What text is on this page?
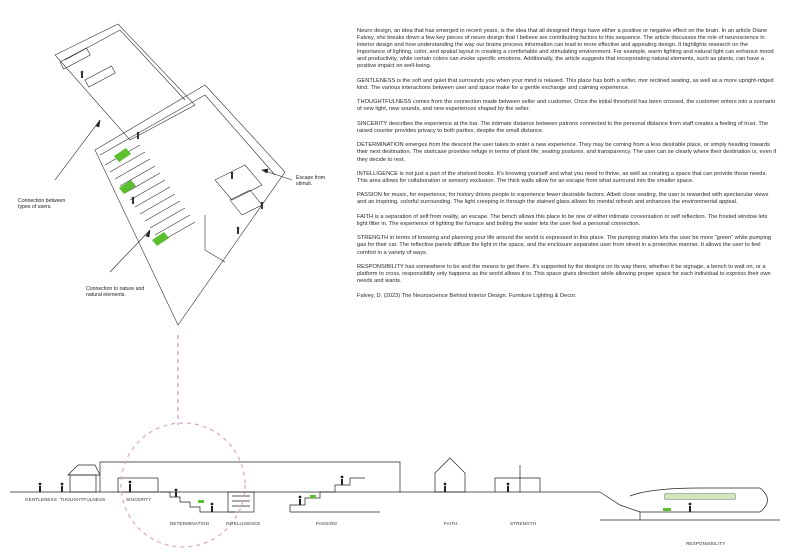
Connection between types of users.
Connection to nature and natural elements.
Escape from stimuli.

Neuro design, an idea that has emerged in recent years, is the idea that all designed things have either a positive or negative effect on the brain. In an article Diane Falvey, she breaks down a few key pieces of neuro design that I believe are contributing factors to this sequence. The article discusses the role of neuroscience in interior design and how understanding the way our brains process information can lead to more effective and appealing design. It highlights research on the importance of lighting, color, and spatial layout in creating a comfortable and stimulating environment. For example, warm lighting and natural light can enhance mood and productivity, while certain colors can evoke specific emotions. Additionally, the article suggests that incorporating natural elements, such as plants, can have a positive impact on well-being.

GENTLENESS is the soft and quiet that surrounds you when your mind is relaxed. This place has both a softer, mor reclined seating, as well as a more upright-ridged kind. The various interactions between user and space make for a gentle exchange and calming experience.

THOUGHTFULNESS comes from the connection made between seller and customer. Once the initial threshold has been crossed, the customer enters into a scenario of new light, new sounds, and new experiences shaped by the seller.

SINCERITY describes the experience at the bar. The intimate distance between patrons connected to the personal distance from staff creates a feeling of trust. The raised counter provides privacy to both parties, despite the small distance.

DETERMINATION emerges from the descent the user takes to enter a new experience. They may be coming from a less desirable place, or simply heading towards their next destination. The staircase provides refuge in terms of plant life, seating postures, and transparency. The user can se clearly where their destination is, even if they decide to rest.

INTELLIGENCE is not just a part of the shelved books. It's knowing yourself and what you need to thrive, as well as creating a space that can provide those needs. This area allows for collaboration or sensory exclusion. The thick walls allow for an escape from what surround into the smaller space.

PASSION for music, for experience, for history drives people to experience fewer desirable factors. Albeit close seating, the user is rewarded with spectacular views and an inspiring, colorful surrounding. The light creeping in through the stained glass allows for mental refresh and enhances the environmental appeal.

FAITH is a separation of self from reality, an escape. The bench allows this place to be one of either intimate conversation or self reflection. The frosted window lets light filter in. The experience of lighting the furnace and boiling the water lets the user feel a personal connection.

STRENGTH in terms of knowing and planning your life around the world is expressed in this place. The pumping station lets the user be more “green” while pumping gas for their car. The reflective panels diffuse the light in the space, and the enclosure separates user from street in a protective manner. It allows the user to feel comfort in a variety of ways.

RESPONSIBILITY has somewhere to be and the means to get there. It's supported by the designs on its way there, whether it be signage, a bench to wait on, or a platform to cross, responsibility only happens as the world allows it to. This space gives direction while allowing proper space for each individual to express their own needs and wants.

Falvey, D. (2023) The Neuroscience Behind Interior Design. Furniture Lighting & Decor.

GENTLENESS THOUGHTFULNESS	SINCERITY
DETERMINATION	INTELLIGENCE	PASSION	FAITH	STRENGTH
RESPONSIBILITY
